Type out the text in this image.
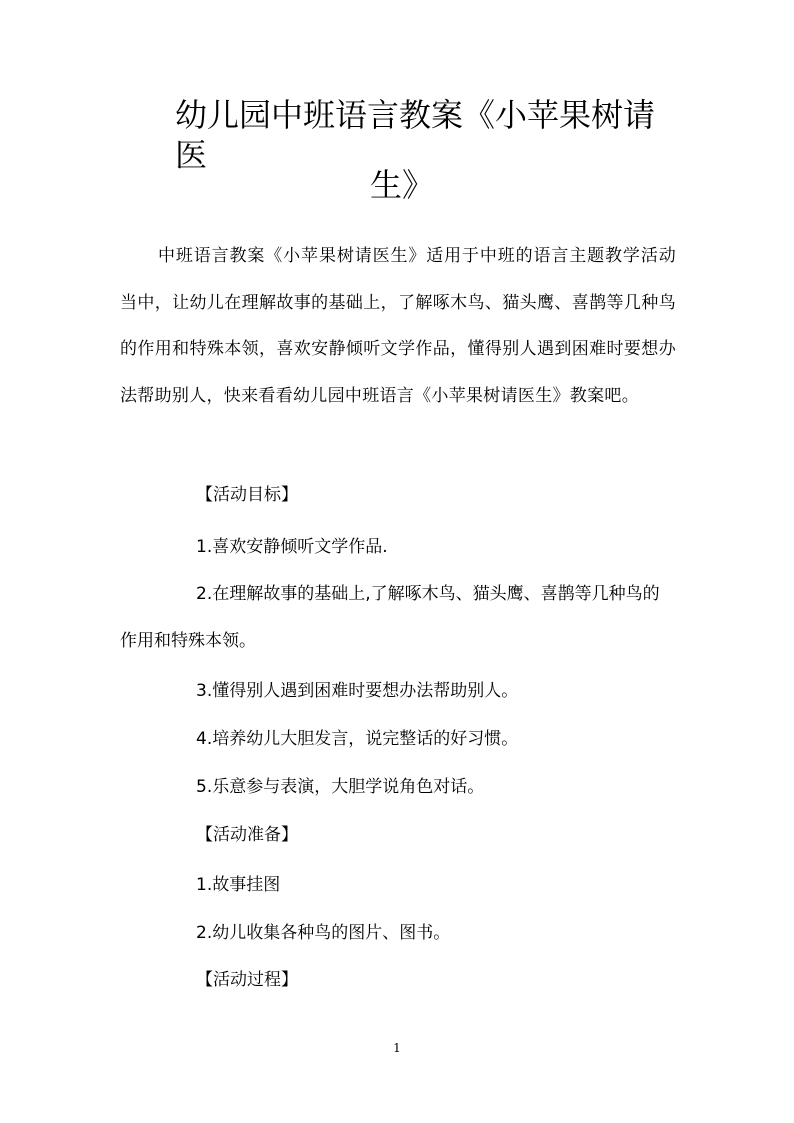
幼儿园中班语言教案《小苹果树请医
生》

中班语言教案《小苹果树请医生》适用于中班的语言主题教学活动当中，让幼儿在理解故事的基础上，了解啄木鸟、猫头鹰、喜鹊等几种鸟的作用和特殊本领，喜欢安静倾听文学作品，懂得别人遇到困难时要想办法帮助别人，快来看看幼儿园中班语言《小苹果树请医生》教案吧。

【活动目标】

1.喜欢安静倾听文学作品.

2.在理解故事的基础上,了解啄木鸟、猫头鹰、喜鹊等几种鸟的作用和特殊本领。

3.懂得别人遇到困难时要想办法帮助别人。

4.培养幼儿大胆发言，说完整话的好习惯。

5.乐意参与表演，大胆学说角色对话。

【活动准备】

1.故事挂图

2.幼儿收集各种鸟的图片、图书。

【活动过程】

1
